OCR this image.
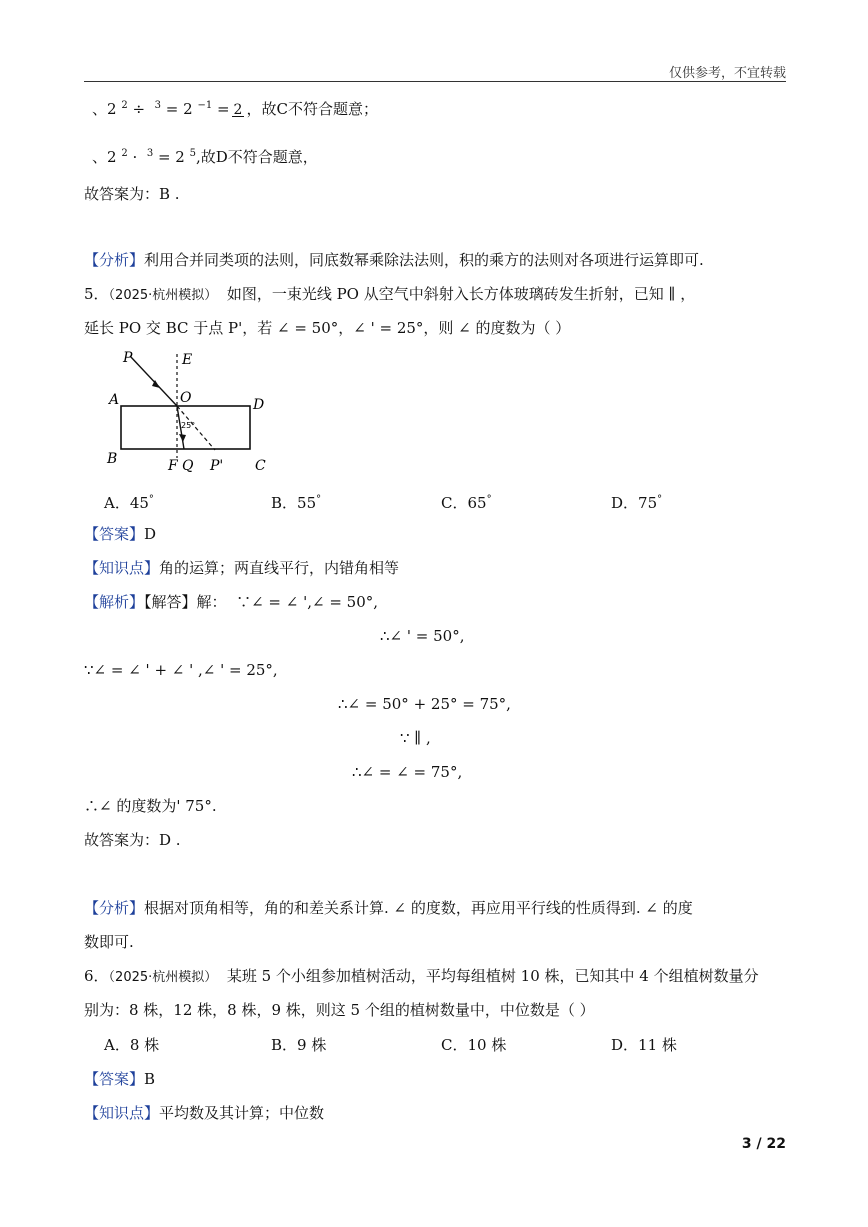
仅供参考，不宜转载
、2 $^2$ ÷ $^3$ = 2 $^{-1}$ = 2 ，故C不符合题意；
、2 $^2$ · $^3$ = 2 $^5$,故D不符合题意，
故答案为：B .
【分析】利用合并同类项的法则，同底数幂乘除法法则，积的乘方的法则对各项进行运算即可.
5．（2025·杭州模拟） 如图，一束光线 PO 从空气中斜射入长方体玻璃砖发生折射，已知 ∥ ，
延长 PO 交 BC 于点 P'，若 ∠ = 50°，∠ ' = 25°，则 ∠ 的度数为（ ）
P	E
A	O	D
B	F Q P' C
25°
A．45°	B．55°	C．65°	D．75°
【答案】D
【知识点】角的运算；两直线平行，内错角相等
【解析】【解答】解： ∵∠ = ∠ ',∠ = 50°,
∴∠ ' = 50°,
∵∠ = ∠ ' + ∠ ' ,∠ ' = 25°,
∴∠ = 50° + 25° = 75°,
∵ ∥ ,
∴∠ = ∠ = 75°,
∴∠ 的度数为' 75°.
故答案为：D .
【分析】根据对顶角相等，角的和差关系计算. ∠ 的度数，再应用平行线的性质得到. ∠ 的度
数即可.
6．（2025·杭州模拟） 某班 5 个小组参加植树活动，平均每组植树 10 株，已知其中 4 个组植树数量分
别为：8 株，12 株，8 株，9 株，则这 5 个组的植树数量中，中位数是（ ）
A．8 株	B．9 株	C．10 株	D．11 株
【答案】B
【知识点】平均数及其计算；中位数
3 / 22
